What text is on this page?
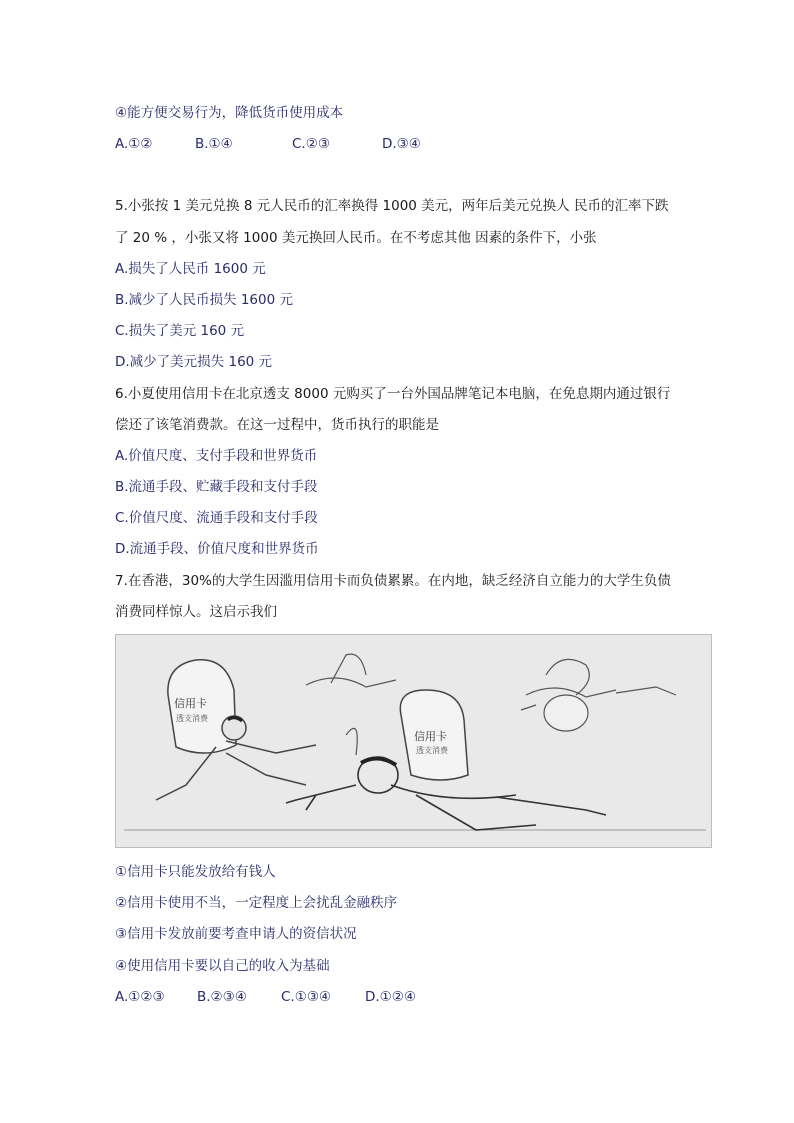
④能方便交易行为，降低货币使用成本
A.①②	B.①④	C.②③	D.③④
5.小张按 1 美元兑换 8 元人民币的汇率换得 1000 美元，两年后美元兑换人 民币的汇率下跌
了 20 % ，小张又将 1000 美元换回人民币。在不考虑其他 因素的条件下，小张
A.损失了人民币 1600 元
B.减少了人民币损失 1600 元
C.损失了美元 160 元
D.减少了美元损失 160 元
6.小夏使用信用卡在北京透支 8000 元购买了一台外国品牌笔记本电脑，在免息期内通过银行
偿还了该笔消费款。在这一过程中，货币执行的职能是
A.价值尺度、支付手段和世界货币
B.流通手段、贮藏手段和支付手段
C.价值尺度、流通手段和支付手段
D.流通手段、价值尺度和世界货币
7.在香港，30%的大学生因滥用信用卡而负债累累。在内地，缺乏经济自立能力的大学生负债
消费同样惊人。这启示我们
信用卡
透支消费
信用卡
透支消费
①信用卡只能发放给有钱人
②信用卡使用不当，一定程度上会扰乱金融秩序
③信用卡发放前要考查申请人的资信状况
④使用信用卡要以自己的收入为基础
A.①②③ B.②③④	C.①③④	D.①②④
